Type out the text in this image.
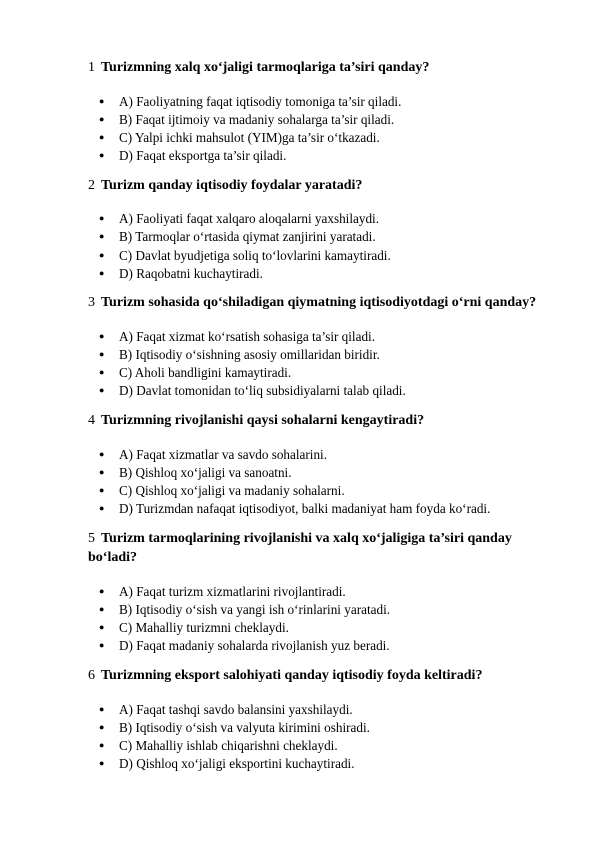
1 Turizmning xalq xo‘jaligi tarmoqlariga ta’siri qanday?
● A) Faoliyatning faqat iqtisodiy tomoniga ta’sir qiladi.
● B) Faqat ijtimoiy va madaniy sohalarga ta’sir qiladi.
● C) Yalpi ichki mahsulot (YIM)ga ta’sir o‘tkazadi.
● D) Faqat eksportga ta’sir qiladi.
2 Turizm qanday iqtisodiy foydalar yaratadi?
● A) Faoliyati faqat xalqaro aloqalarni yaxshilaydi.
● B) Tarmoqlar o‘rtasida qiymat zanjirini yaratadi.
● C) Davlat byudjetiga soliq to‘lovlarini kamaytiradi.
● D) Raqobatni kuchaytiradi.
3 Turizm sohasida qo‘shiladigan qiymatning iqtisodiyotdagi o‘rni qanday?
● A) Faqat xizmat ko‘rsatish sohasiga ta’sir qiladi.
● B) Iqtisodiy o‘sishning asosiy omillaridan biridir.
● C) Aholi bandligini kamaytiradi.
● D) Davlat tomonidan to‘liq subsidiyalarni talab qiladi.
4 Turizmning rivojlanishi qaysi sohalarni kengaytiradi?
● A) Faqat xizmatlar va savdo sohalarini.
● B) Qishloq xo‘jaligi va sanoatni.
● C) Qishloq xo‘jaligi va madaniy sohalarni.
● D) Turizmdan nafaqat iqtisodiyot, balki madaniyat ham foyda ko‘radi.
5 Turizm tarmoqlarining rivojlanishi va xalq xo‘jaligiga ta’siri qanday bo‘ladi?
● A) Faqat turizm xizmatlarini rivojlantiradi.
● B) Iqtisodiy o‘sish va yangi ish o‘rinlarini yaratadi.
● C) Mahalliy turizmni cheklaydi.
● D) Faqat madaniy sohalarda rivojlanish yuz beradi.
6 Turizmning eksport salohiyati qanday iqtisodiy foyda keltiradi?
● A) Faqat tashqi savdo balansini yaxshilaydi.
● B) Iqtisodiy o‘sish va valyuta kirimini oshiradi.
● C) Mahalliy ishlab chiqarishni cheklaydi.
● D) Qishloq xo‘jaligi eksportini kuchaytiradi.
